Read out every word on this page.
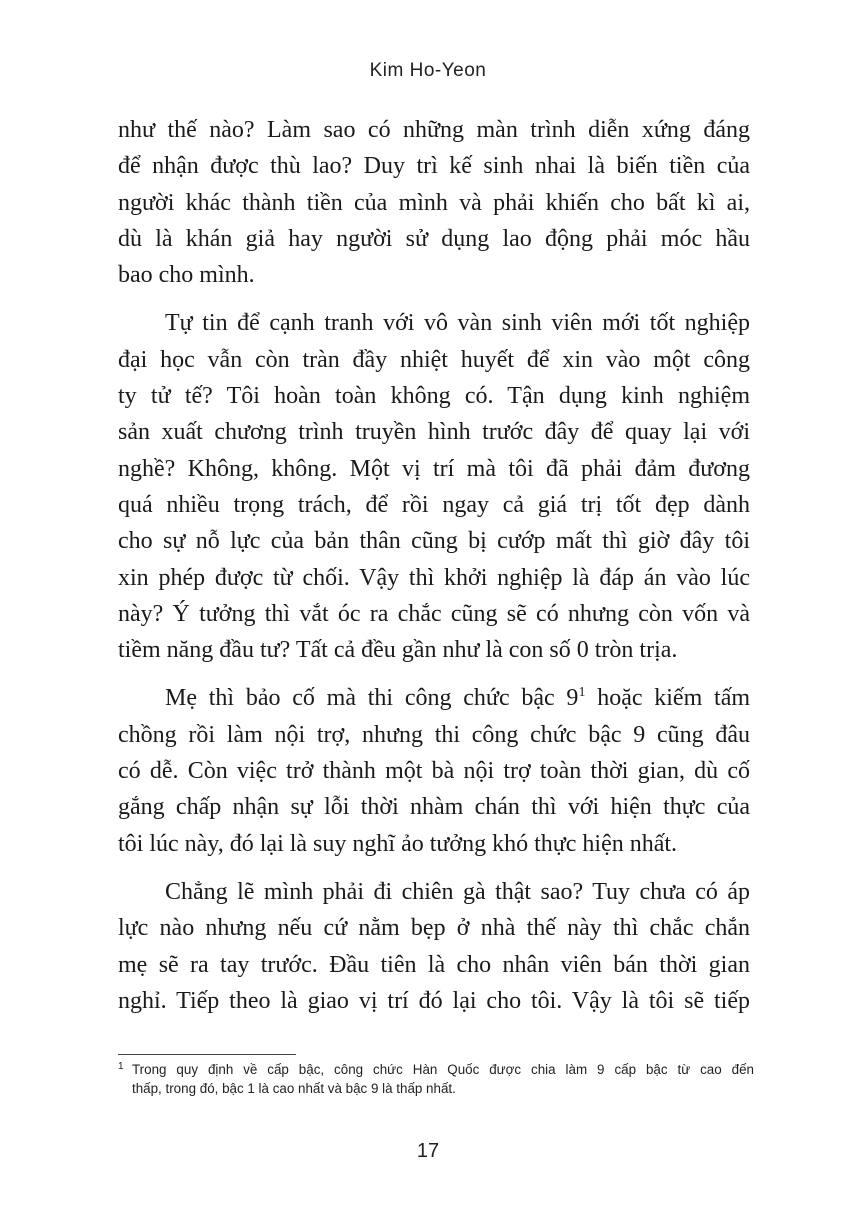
Kim Ho-Yeon
như thế nào? Làm sao có những màn trình diễn xứng đáng
để nhận được thù lao? Duy trì kế sinh nhai là biến tiền của
người khác thành tiền của mình và phải khiến cho bất kì ai,
dù là khán giả hay người sử dụng lao động phải móc hầu
bao cho mình.
Tự tin để cạnh tranh với vô vàn sinh viên mới tốt nghiệp
đại học vẫn còn tràn đầy nhiệt huyết để xin vào một công
ty tử tế? Tôi hoàn toàn không có. Tận dụng kinh nghiệm
sản xuất chương trình truyền hình trước đây để quay lại với
nghề? Không, không. Một vị trí mà tôi đã phải đảm đương
quá nhiều trọng trách, để rồi ngay cả giá trị tốt đẹp dành
cho sự nỗ lực của bản thân cũng bị cướp mất thì giờ đây tôi
xin phép được từ chối. Vậy thì khởi nghiệp là đáp án vào lúc
này? Ý tưởng thì vắt óc ra chắc cũng sẽ có nhưng còn vốn và
tiềm năng đầu tư? Tất cả đều gần như là con số 0 tròn trịa.
Mẹ thì bảo cố mà thi công chức bậc 9$^1$ hoặc kiếm tấm
chồng rồi làm nội trợ, nhưng thi công chức bậc 9 cũng đâu
có dễ. Còn việc trở thành một bà nội trợ toàn thời gian, dù cố
gắng chấp nhận sự lỗi thời nhàm chán thì với hiện thực của
tôi lúc này, đó lại là suy nghĩ ảo tưởng khó thực hiện nhất.
Chẳng lẽ mình phải đi chiên gà thật sao? Tuy chưa có áp
lực nào nhưng nếu cứ nằm bẹp ở nhà thế này thì chắc chắn
mẹ sẽ ra tay trước. Đầu tiên là cho nhân viên bán thời gian
nghỉ. Tiếp theo là giao vị trí đó lại cho tôi. Vậy là tôi sẽ tiếp
1 Trong quy định về cấp bậc, công chức Hàn Quốc được chia làm 9 cấp bậc từ cao đến
thấp, trong đó, bậc 1 là cao nhất và bậc 9 là thấp nhất.
17
